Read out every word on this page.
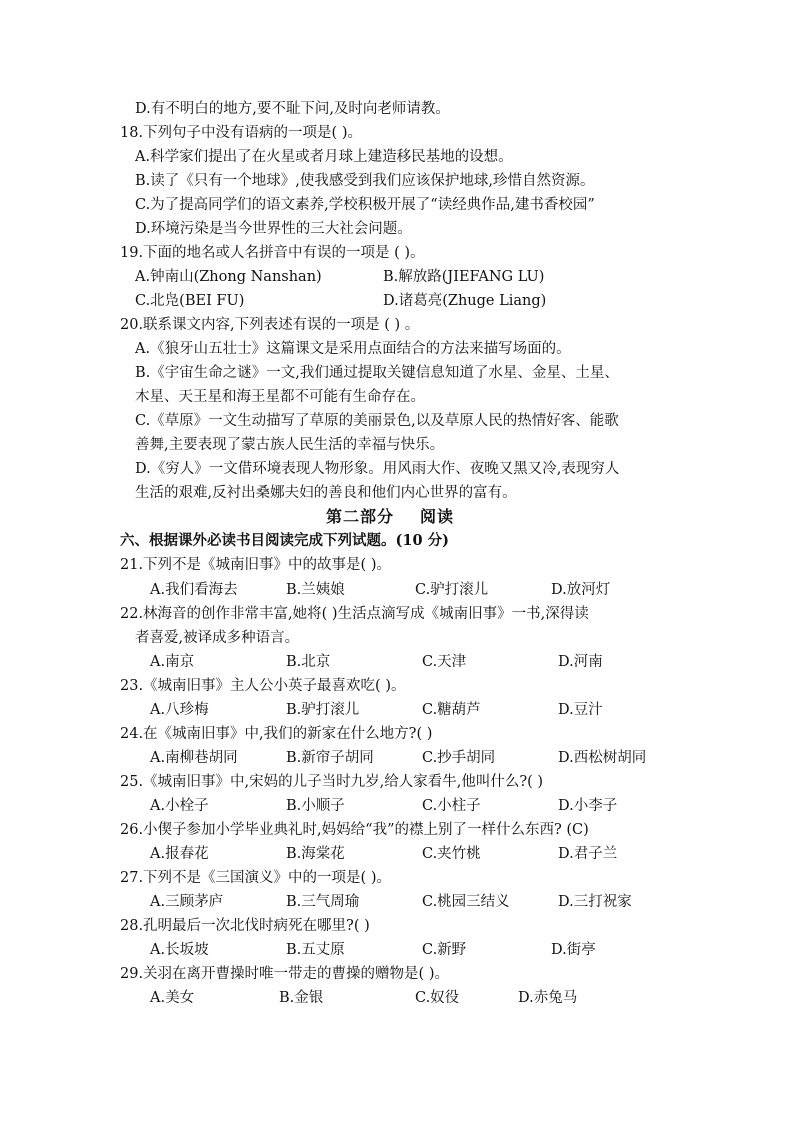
D.有不明白的地方,要不耻下问,及时向老师请教。
18.下列句子中没有语病的一项是( )。
A.科学家们提出了在火星或者月球上建造移民基地的设想。
B.读了《只有一个地球》,使我感受到我们应该保护地球,珍惜自然资源。
C.为了提高同学们的语文素养,学校积极开展了“读经典作品,建书香校园”
D.环境污染是当今世界性的三大社会问题。
19.下面的地名或人名拼音中有误的一项是 ( )。
A.钟南山(Zhong Nanshan)	B.解放路(JIEFANG LU)
C.北凫(BEI FU)	D.诸葛亮(Zhuge Liang)
20.联系课文内容,下列表述有误的一项是 ( ) 。
A.《狼牙山五壮士》这篇课文是采用点面结合的方法来描写场面的。
B.《宇宙生命之谜》一文,我们通过提取关键信息知道了水星、金星、土星、
木星、天王星和海王星都不可能有生命存在。
C.《草原》一文生动描写了草原的美丽景色,以及草原人民的热情好客、能歌
善舞,主要表现了蒙古族人民生活的幸福与快乐。
D.《穷人》一文借环境表现人物形象。用风雨大作、夜晚又黑又冷,表现穷人
生活的艰难,反衬出桑娜夫妇的善良和他们内心世界的富有。
第二部分 阅读
六、根据课外必读书目阅读完成下列试题。(10 分)
21.下列不是《城南旧事》中的故事是( )。
A.我们看海去	B.兰姨娘	C.驴打滚儿	D.放河灯
22.林海音的创作非常丰富,她将( )生活点滴写成《城南旧事》一书,深得读
者喜爱,被译成多种语言。
A.南京	B.北京	C.天津	D.河南
23.《城南旧事》主人公小英子最喜欢吃( )。
A.八珍梅	B.驴打滚儿	C.糖葫芦	D.豆汁
24.在《城南旧事》中,我们的新家在什么地方?( )
A.南柳巷胡同	B.新帘子胡同	C.抄手胡同	D.西松树胡同
25.《城南旧事》中,宋妈的儿子当时九岁,给人家看牛,他叫什么?( )
A.小栓子	B.小顺子	C.小柱子	D.小李子
26.小偰子参加小学毕业典礼时,妈妈给“我”的襟上别了一样什么东西? (C)
A.报春花	B.海棠花	C.夹竹桃	D.君子兰
27.下列不是《三国演义》中的一项是( )。
A.三顾茅庐	B.三气周瑜	C.桃园三结义	D.三打祝家
28.孔明最后一次北伐时病死在哪里?( )
A.长坂坡	B.五丈原	C.新野	D.街亭
29.关羽在离开曹操时唯一带走的曹操的赠物是( )。
A.美女	B.金银	C.奴役	D.赤兔马
